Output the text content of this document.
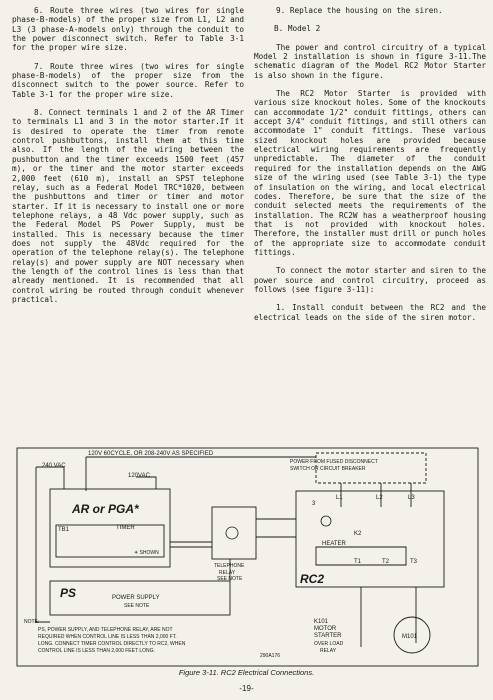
6. Route three wires (two wires for single phase-B-models) of the proper size from L1, L2 and L3 (3 phase-A-models only) through the conduit to the power disconnect switch. Refer to Table 3-1 for the proper wire size.

7. Route three wires (two wires for single phase-B-models) of the proper size from the disconnect switch to the power source. Refer to Table 3-1 for the proper wire size.

8. Connect terminals 1 and 2 of the AR Timer to terminals L1 and 3 in the motor starter.If it is desired to operate the timer from remote control pushbuttons, install them at this time also. If the length of the wiring between the pushbutton and the timer exceeds 1500 feet (457 m), or the timer and the motor starter exceeds 2,000 feet (610 m), install an SPST telephone relay, such as a Federal Model TRC*1020, between the pushbuttons and timer or timer and motor starter. If it is necessary to install one or more telephone relays, a 48 Vdc power supply, such as the Federal Model PS Power Supply, must be installed. This is necessary because the timer does not supply the 48Vdc required for the operation of the telephone relay(s). The telephone relay(s) and power supply are NOT necessary when the length of the control lines is less than that already mentioned. It is recommended that all control wiring be routed through conduit whenever practical.

9. Replace the housing on the siren.

B. Model 2

The power and control circuitry of a typical Model 2 installation is shown in figure 3-11.The schematic diagram of the Model RC2 Motor Starter is also shown in the figure.

The RC2 Motor Starter is provided with various size knockout holes. Some of the knockouts can accommodate 1/2" conduit fittings, others can accept 3/4" conduit fittings, and still others can accommodate 1" conduit fittings. These various sized knockout holes are provided because electrical wiring requirements are frequently unpredictable. The diameter of the conduit required for the installation depends on the AWG size of the wiring used (see Table 3-1) the type of insulation on the wiring, and local electrical codes. Therefore, be sure that the size of the conduit selected meets the requirements of the installation. The RC2W has a weatherproof housing that is not provided with knockout holes. Therefore, the installer must drill or punch holes of the appropriate size to accommodate conduit fittings.

To connect the motor starter and siren to the power source and control circuitry, proceed as follows (see figure 3-11):

1. Install conduit between the RC2 and the electrical leads on the side of the siren motor.

120V 60CYCLE, OR 208-240V AS SPECIFIED
POWER FROM FUSED DISCONNECT
SWITCH OR CIRCUIT BREAKER
240 VAC
120VAC
AR or PGA*
TIMER
TB1
✳ SHOWN
TELEPHONE
RELAY
SEE NOTE
PS	POWER SUPPLY
SEE NOTE
NOTE:
PS, POWER SUPPLY, AND TELEPHONE RELAY, ARE NOT
REQUIRED WHEN CONTROL LINE IS LESS THAN 2,000 FT.
LONG. CONNECT TIMER CONTROL DIRECTLY TO RC2, WHEN
CONTROL LINE IS LESS THAN 2,000 FEET LONG.
HEATER
RC2
L1	L2	L3
3
K2
T1	T2	T3
K101
MOTOR
STARTER
OVER LOAD
RELAY
M101
290A176
Figure 3-11. RC2 Electrical Connections.
-19-
